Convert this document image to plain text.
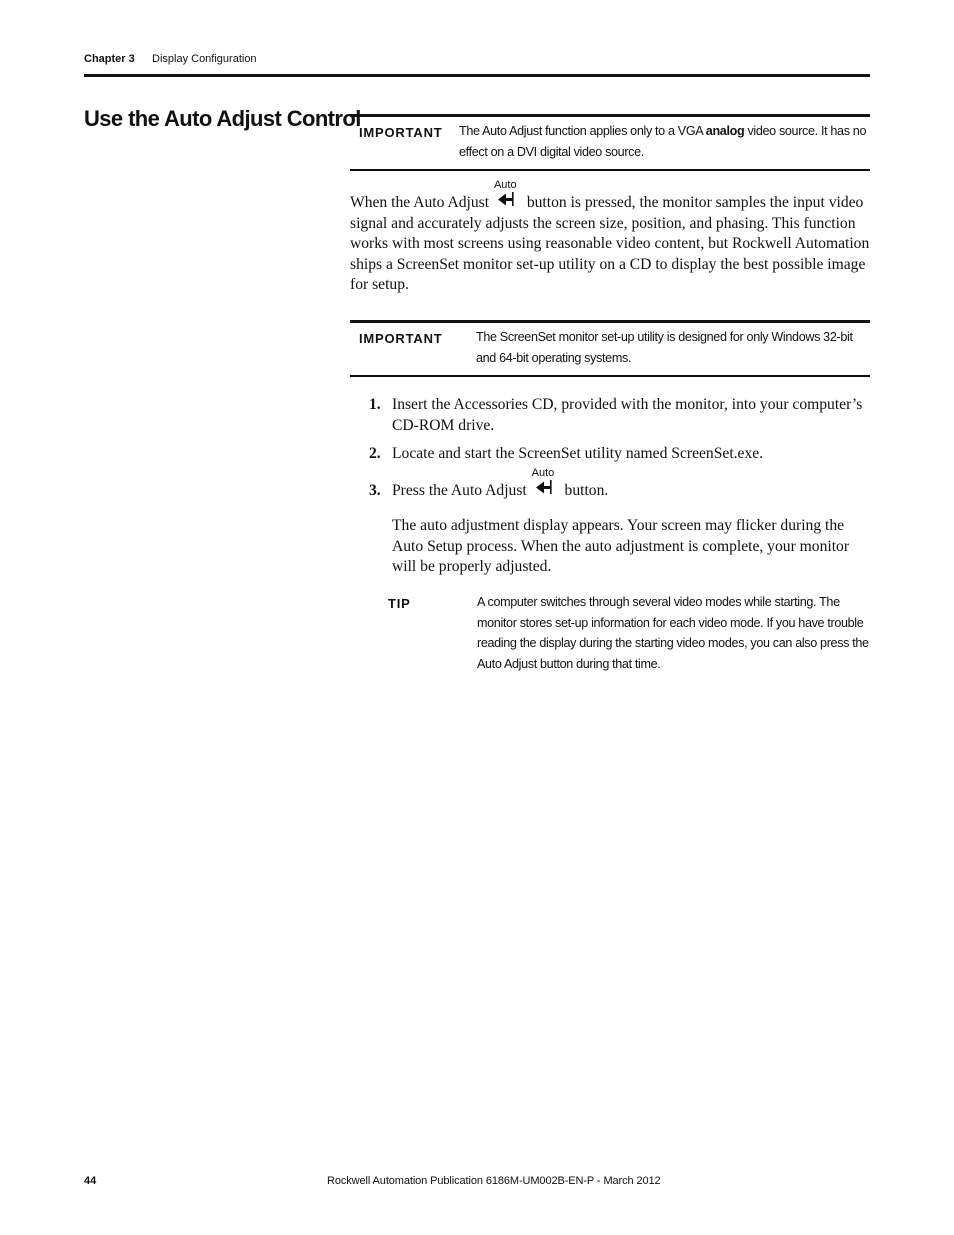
Chapter 3 Display Configuration
Use the Auto Adjust Control
IMPORTANT The Auto Adjust function applies only to a VGA analog video source. It has no effect on a DVI digital video source.
When the Auto Adjust
Auto
button is pressed, the monitor samples the input video signal and accurately adjusts the screen size, position, and phasing. This function works with most screens using reasonable video content, but Rockwell Automation ships a ScreenSet monitor set-up utility on a CD to display the best possible image for setup.
IMPORTANT	The ScreenSet monitor set-up utility is designed for only Windows 32-bit and 64-bit operating systems.
1. Insert the Accessories CD, provided with the monitor, into your computer’s CD-ROM drive.
2. Locate and start the ScreenSet utility named ScreenSet.exe.
3. Press the Auto Adjust
Auto
button.
The auto adjustment display appears. Your screen may flicker during the Auto Setup process. When the auto adjustment is complete, your monitor will be properly adjusted.
TIP	A computer switches through several video modes while starting. The monitor stores set-up information for each video mode. If you have trouble reading the display during the starting video modes, you can also press the Auto Adjust button during that time.
44	Rockwell Automation Publication 6186M-UM002B-EN-P - March 2012
